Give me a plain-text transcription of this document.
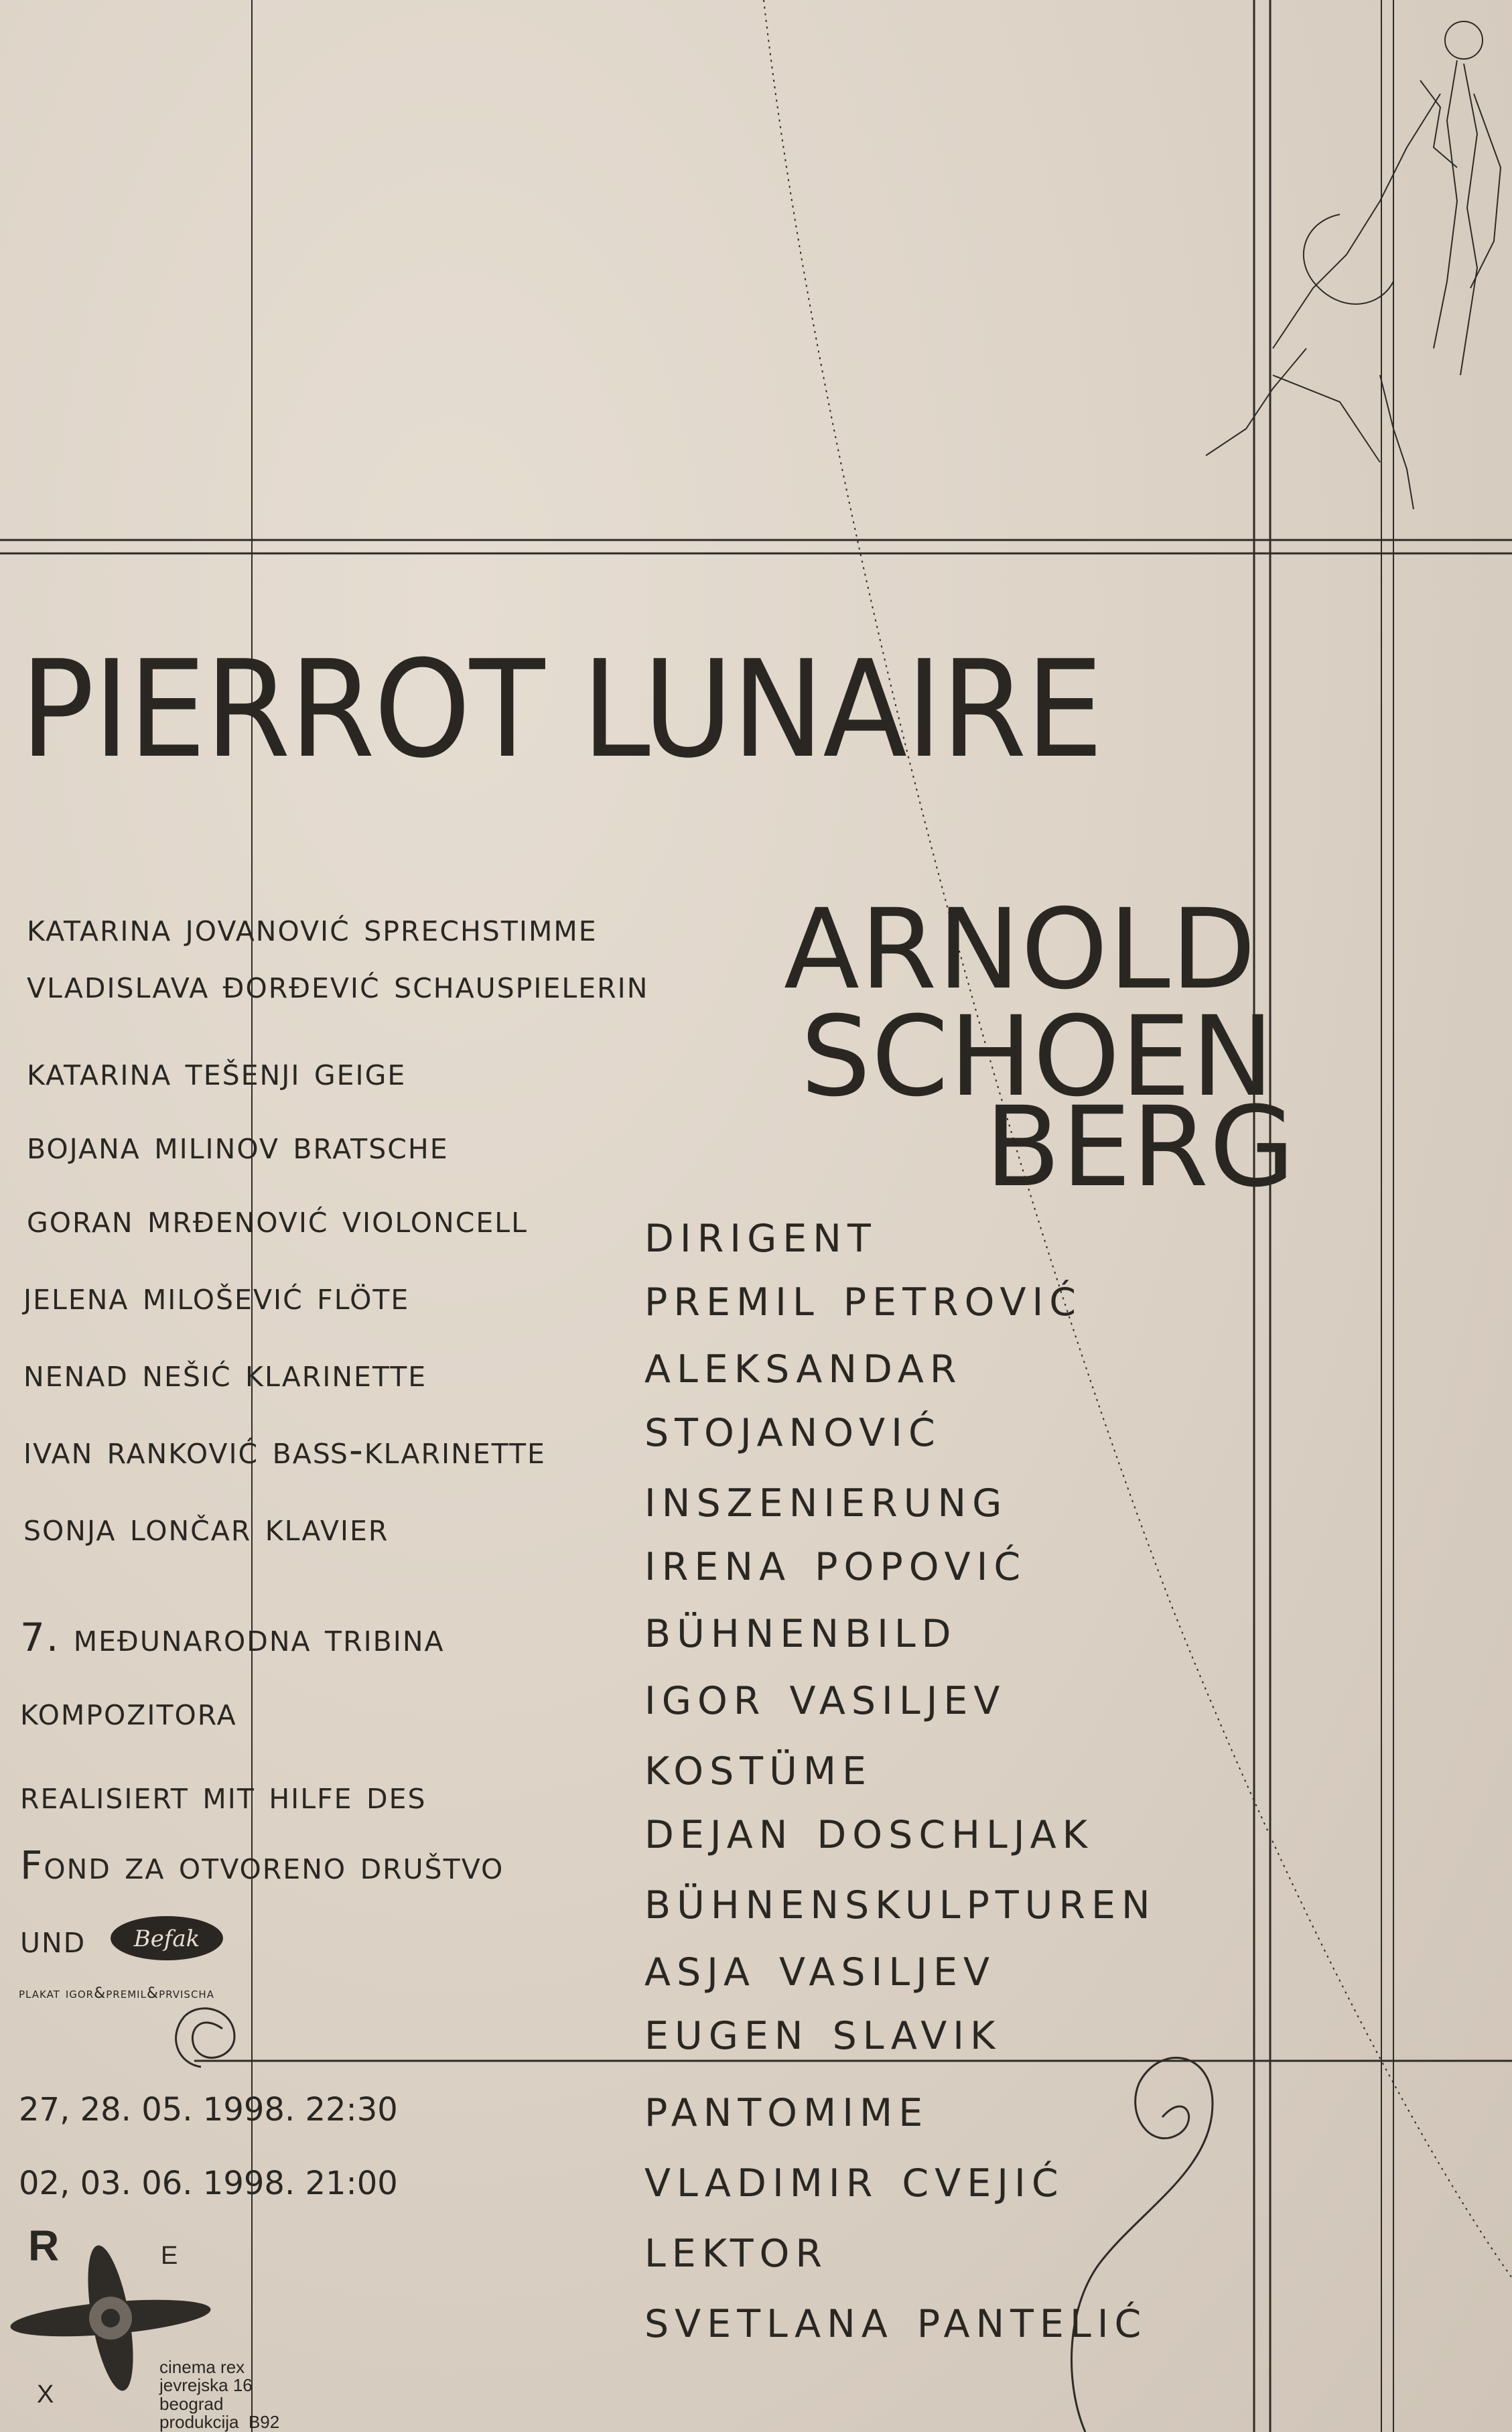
PIERROT LUNAIRE
ARNOLD
SCHOEN
BERG
katarina jovanović sprechstimme
vladislava đorđević schauspielerin
katarina tešenji geige
bojana milinov bratsche
goran mrđenović violoncell
jelena milošević flöte
nenad nešić klarinette
ivan ranković baß-klarinette
sonja lončar klavier
7. međunarodna tribina
kompozitora
realisiert mit hilfe des
Fond za otvoreno društvo
und	Befak
plakat igor&premil&prvischa
27, 28. 05. 1998. 22:30
02, 03. 06. 1998. 21:00
dirigent
premil petrović
aleksandar
stojanović
inszenierung
irena popović
bühnenbild
igor vasiljev
kostüme
dejan doschljak
bühnenskulpturen
asja vasiljev
eugen slavik
pantomime
vladimir cvejić
lektor
svetlana pantelić
R	E
X
cinema rex
jevrejska 16
beograd
produkcija  B92
